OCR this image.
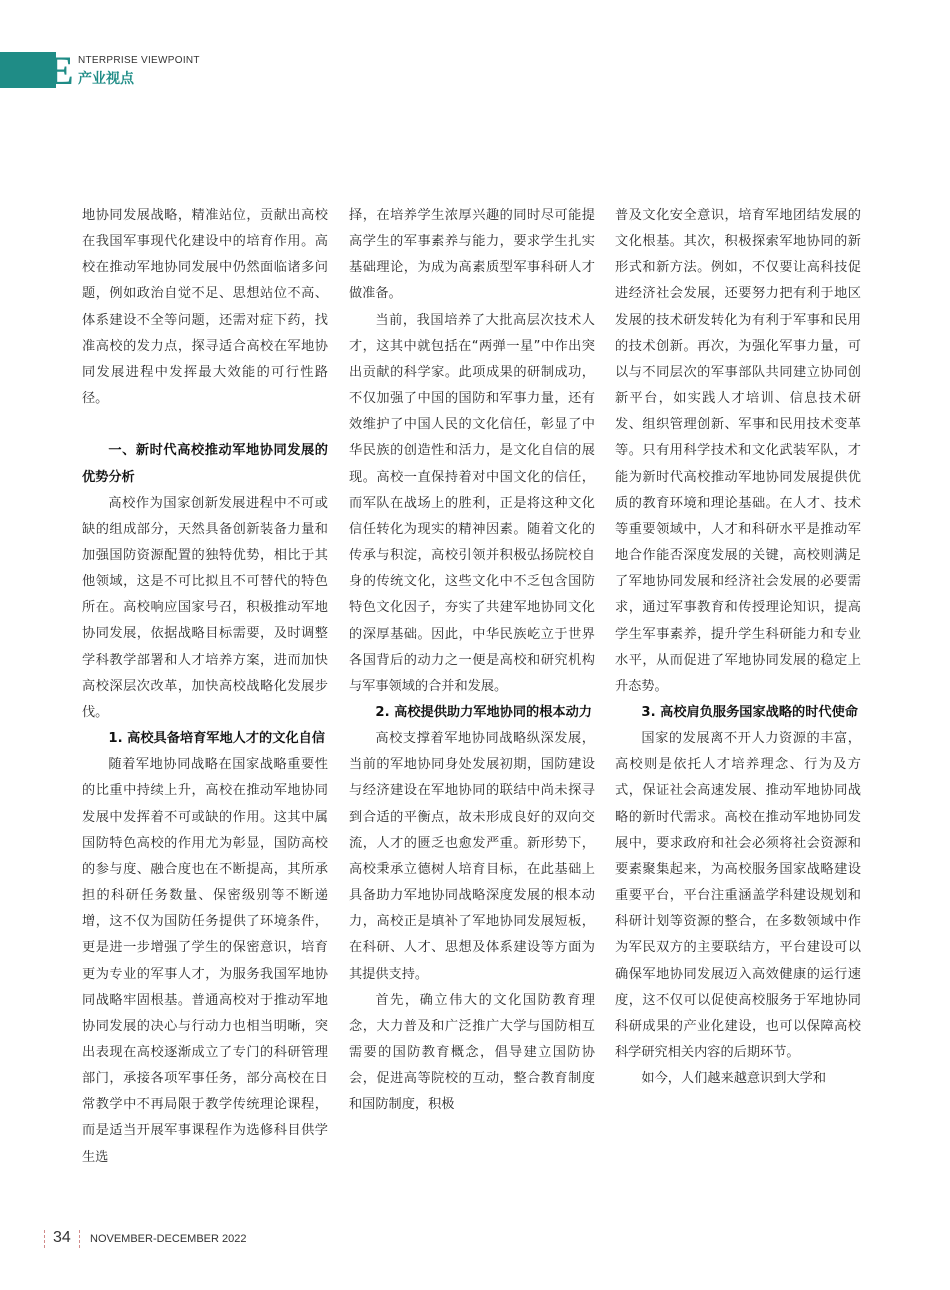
E NTERPRISE VIEWPOINT
产业视点

地协同发展战略，精准站位，贡献出高校在我国军事现代化建设中的培育作用。高校在推动军地协同发展中仍然面临诸多问题，例如政治自觉不足、思想站位不高、体系建设不全等问题，还需对症下药，找准高校的发力点，探寻适合高校在军地协同发展进程中发挥最大效能的可行性路径。

一、新时代高校推动军地协同发展的优势分析

高校作为国家创新发展进程中不可或缺的组成部分，天然具备创新装备力量和加强国防资源配置的独特优势，相比于其他领域，这是不可比拟且不可替代的特色所在。高校响应国家号召，积极推动军地协同发展，依据战略目标需要，及时调整学科教学部署和人才培养方案，进而加快高校深层次改革，加快高校战略化发展步伐。

1. 高校具备培育军地人才的文化自信

随着军地协同战略在国家战略重要性的比重中持续上升，高校在推动军地协同发展中发挥着不可或缺的作用。这其中属国防特色高校的作用尤为彰显，国防高校的参与度、融合度也在不断提高，其所承担的科研任务数量、保密级别等不断递增，这不仅为国防任务提供了环境条件，更是进一步增强了学生的保密意识，培育更为专业的军事人才，为服务我国军地协同战略牢固根基。普通高校对于推动军地协同发展的决心与行动力也相当明晰，突出表现在高校逐渐成立了专门的科研管理部门，承接各项军事任务，部分高校在日常教学中不再局限于教学传统理论课程，而是适当开展军事课程作为选修科目供学生选

择，在培养学生浓厚兴趣的同时尽可能提高学生的军事素养与能力，要求学生扎实基础理论，为成为高素质型军事科研人才做准备。

当前，我国培养了大批高层次技术人才，这其中就包括在“两弹一星”中作出突出贡献的科学家。此项成果的研制成功，不仅加强了中国的国防和军事力量，还有效维护了中国人民的文化信任，彰显了中华民族的创造性和活力，是文化自信的展现。高校一直保持着对中国文化的信任，而军队在战场上的胜利，正是将这种文化信任转化为现实的精神因素。随着文化的传承与积淀，高校引领并积极弘扬院校自身的传统文化，这些文化中不乏包含国防特色文化因子，夯实了共建军地协同文化的深厚基础。因此，中华民族屹立于世界各国背后的动力之一便是高校和研究机构与军事领域的合并和发展。

2. 高校提供助力军地协同的根本动力

高校支撑着军地协同战略纵深发展，当前的军地协同身处发展初期，国防建设与经济建设在军地协同的联结中尚未探寻到合适的平衡点，故未形成良好的双向交流，人才的匮乏也愈发严重。新形势下，高校秉承立德树人培育目标，在此基础上具备助力军地协同战略深度发展的根本动力，高校正是填补了军地协同发展短板，在科研、人才、思想及体系建设等方面为其提供支持。

首先，确立伟大的文化国防教育理念，大力普及和广泛推广大学与国防相互需要的国防教育概念，倡导建立国防协会，促进高等院校的互动，整合教育制度和国防制度，积极

普及文化安全意识，培育军地团结发展的文化根基。其次，积极探索军地协同的新形式和新方法。例如，不仅要让高科技促进经济社会发展，还要努力把有利于地区发展的技术研发转化为有利于军事和民用的技术创新。再次，为强化军事力量，可以与不同层次的军事部队共同建立协同创新平台，如实践人才培训、信息技术研发、组织管理创新、军事和民用技术变革等。只有用科学技术和文化武装军队，才能为新时代高校推动军地协同发展提供优质的教育环境和理论基础。在人才、技术等重要领域中，人才和科研水平是推动军地合作能否深度发展的关键，高校则满足了军地协同发展和经济社会发展的必要需求，通过军事教育和传授理论知识，提高学生军事素养，提升学生科研能力和专业水平，从而促进了军地协同发展的稳定上升态势。

3. 高校肩负服务国家战略的时代使命

国家的发展离不开人力资源的丰富，高校则是依托人才培养理念、行为及方式，保证社会高速发展、推动军地协同战略的新时代需求。高校在推动军地协同发展中，要求政府和社会必须将社会资源和要素聚集起来，为高校服务国家战略建设重要平台，平台注重涵盖学科建设规划和科研计划等资源的整合，在多数领域中作为军民双方的主要联结方，平台建设可以确保军地协同发展迈入高效健康的运行速度，这不仅可以促使高校服务于军地协同科研成果的产业化建设，也可以保障高校科学研究相关内容的后期环节。

如今，人们越来越意识到大学和

34 NOVEMBER-DECEMBER 2022
